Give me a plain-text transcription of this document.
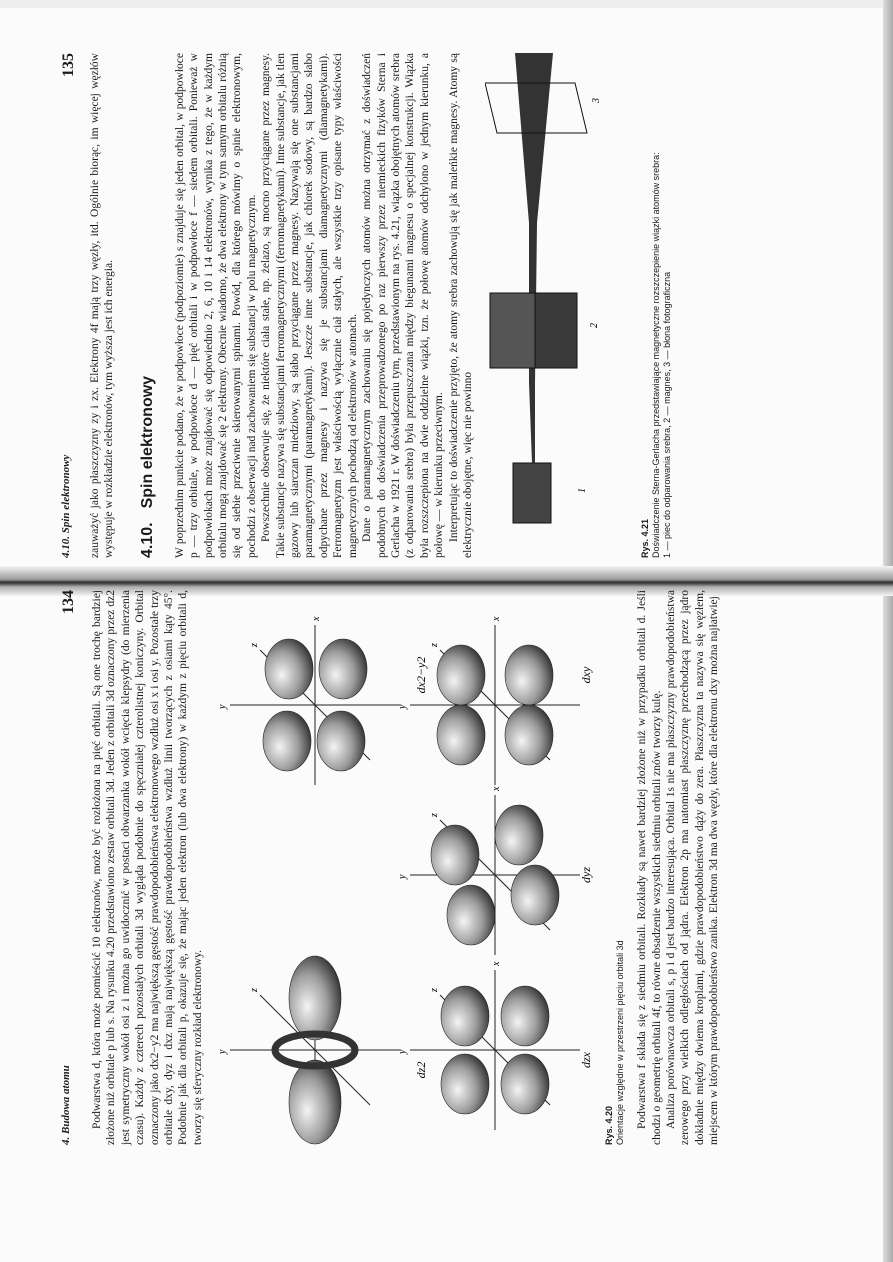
4.10. Spin elektronowy
135 zauważyć jako płaszczyzny zy i zx. Elektrony 4f mają trzy węzły, itd. Ogólnie biorąc, im więcej węzłów występuje w rozkładzie elektronów, tym wyższa jest ich energia. 4.10.Spin elektronowy W poprzednim punkcie podano, że w podpowłoce (podpoziomie) s znajduje się jeden orbital, w podpowłoce p — trzy orbitale, w podpowłoce d — pięć orbitali i w podpowłoce f — siedem orbitali. Ponieważ w podpowłokach może znajdować się odpowiednio 2, 6, 10 i 14 elektronów, wynika z tego, że w każdym orbitalu mogą znajdować się 2 elektrony. Obecnie wiadomo, że dwa elektrony w tym samym orbitalu różnią się od siebie przeciwnie skierowanymi spinami. Powód, dla którego mówimy o spinie elektronowym, pochodzi z obserwacji nad zachowaniem się substancji w polu magnetycznym. Powszechnie obserwuje się, że niektóre ciała stałe, np. żelazo, są mocno przyciągane przez magnesy. Takie substancje nazywa się substancjami ferromagnetycznymi (ferromagnetykami). Inne substancje, jak tlen gazowy lub siarczan miedziowy, są słabo przyciągane przez magnesy. Nazywają się one substancjami paramagnetycznymi (paramagnetykami). Jeszcze inne substancje, jak chlorek sodowy, są bardzo słabo odpychane przez magnesy i nazywa się je substancjami diamagnetycznymi (diamagnetykami). Ferromagnetyzm jest właściwością wyłącznie ciał stałych, ale wszystkie trzy opisane typy właściwości magnetycznych pochodzą od elektronów w atomach. Dane o paramagnetycznym zachowaniu się pojedynczych atomów można otrzymać z doświadczeń podobnych do doświadczenia przeprowadzonego po raz pierwszy przez niemieckich fizyków Sterna i Gerlacha w 1921 r. W doświadczeniu tym, przedstawionym na rys. 4.21, wiązka obojętnych atomów srebra (z odparowania srebra) była przepuszczana między biegunami magnesu o specjalnej konstrukcji. Wiązka była rozszczepiona na dwie oddzielne wiązki, tzn. że połowę atomów odchylono w jednym kierunku, a połowę — w kierunku przeciwnym. Interpretując to doświadczenie przyjęto, że atomy srebra zachowują się jak maleńkie magnesy. Atomy są elektrycznie obojętne, więc nie powinno	1
2
3
Rys. 4.21 Doświadczenie Sterna-Gerlacha przedstawiające magnetyczne rozszczepienie wiązki atomów srebra: 1 — piec do odparowania srebra, 2 — magnes, 3 — błona fotograficzna
4. Budowa atomu
134 Podwarstwa d, która może pomieścić 10 elektronów, może być rozłożona na pięć orbitali. Są one trochę bardziej złożone niż orbitale p lub s. Na rysunku 4.20 przedstawiono zestaw orbitali 3d. Jeden z orbitali 3d oznaczony przez dz2 jest symetryczny wokół osi z i można go uwidocznić w postaci obwarzanka wokół wcięcia klepsydry (do mierzenia czasu). Każdy z czterech pozostałych orbitali 3d wygląda podobnie do spęczniałej czterolistnej koniczyny. Orbital oznaczony jako dx2−y2 ma największą gęstość prawdopodobieństwa elektronowego wzdłuż osi x i osi y. Pozostałe trzy orbitale dxy, dyz i dxz mają największą gęstość prawdopodobieństwa wzdłuż linii tworzących z osiami kąty 45°. Podobnie jak dla orbitali p, okazuje się, że mając jeden elektron (lub dwa elektrony) w każdym z pięciu orbitali d, tworzy się sferyczny rozkład elektronowy. y
z
dz2
x
y
z
dx2−y2
x
y
z
dzx
x
y
z
dyz
x
y
z
dxy
Rys. 4.20 Orientacje względne w przestrzeni pięciu orbitali 3d Podwarstwa f składa się z siedmiu orbitali. Rozkłady są nawet bardziej złożone niż w przypadku orbitali d. Jeśli chodzi o geometrię orbitali 4f, to równe obsadzenie wszystkich siedmiu orbitali znów tworzy kulę. Analiza porównawcza orbitali s, p i d jest bardzo interesująca. Orbital 1s nie ma płaszczyzny prawdopodobieństwa zerowego przy wielkich odległościach od jądra. Elektron 2p ma natomiast płaszczyznę przechodzącą przez jądro dokładnie między dwiema kroplami, gdzie prawdopodobieństwo dąży do zera. Płaszczyzna ta nazywa się węzłem, miejscem w którym prawdopodobieństwo zanika. Elektron 3d ma dwa węzły, które dla elektronu dxy można najłatwiej
